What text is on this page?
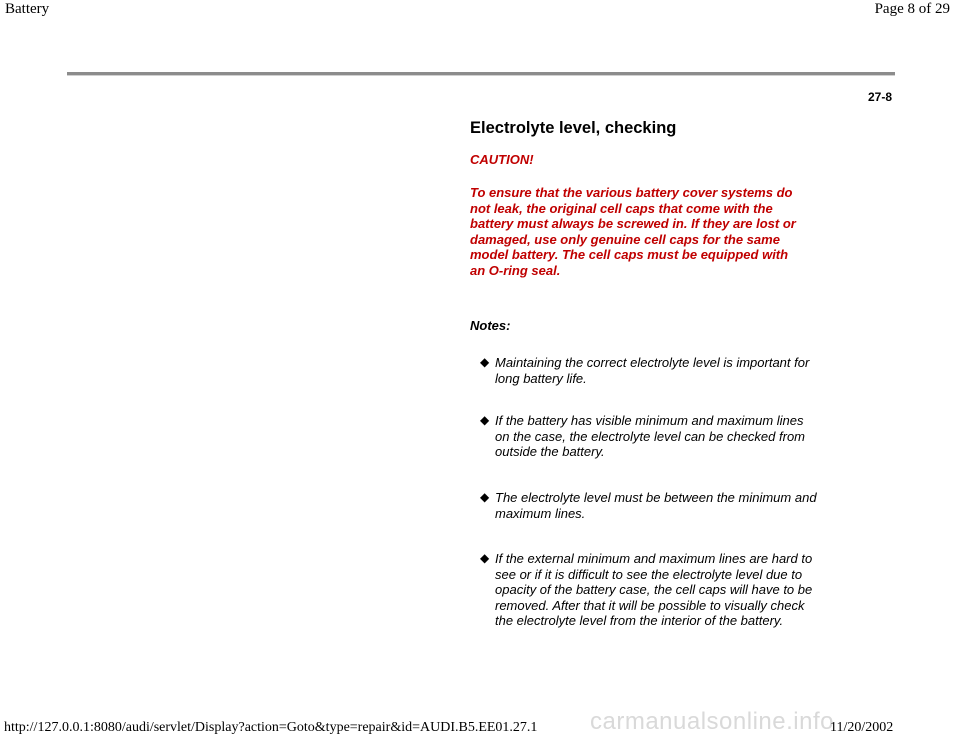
Battery	Page 8 of 29
27-8
Electrolyte level, checking
CAUTION!
To ensure that the various battery cover systems do not leak, the original cell caps that come with the battery must always be screwed in. If they are lost or damaged, use only genuine cell caps for the same model battery. The cell caps must be equipped with an O-ring seal.
Notes:
◆ Maintaining the correct electrolyte level is important for long battery life.
◆ If the battery has visible minimum and maximum lines on the case, the electrolyte level can be checked from outside the battery.
◆ The electrolyte level must be between the minimum and maximum lines.
◆ If the external minimum and maximum lines are hard to see or if it is difficult to see the electrolyte level due to opacity of the battery case, the cell caps will have to be removed. After that it will be possible to visually check the electrolyte level from the interior of the battery.
carmanualsonline.info
http://127.0.0.1:8080/audi/servlet/Display?action=Goto&type=repair&id=AUDI.B5.EE01.27.1	11/20/2002
